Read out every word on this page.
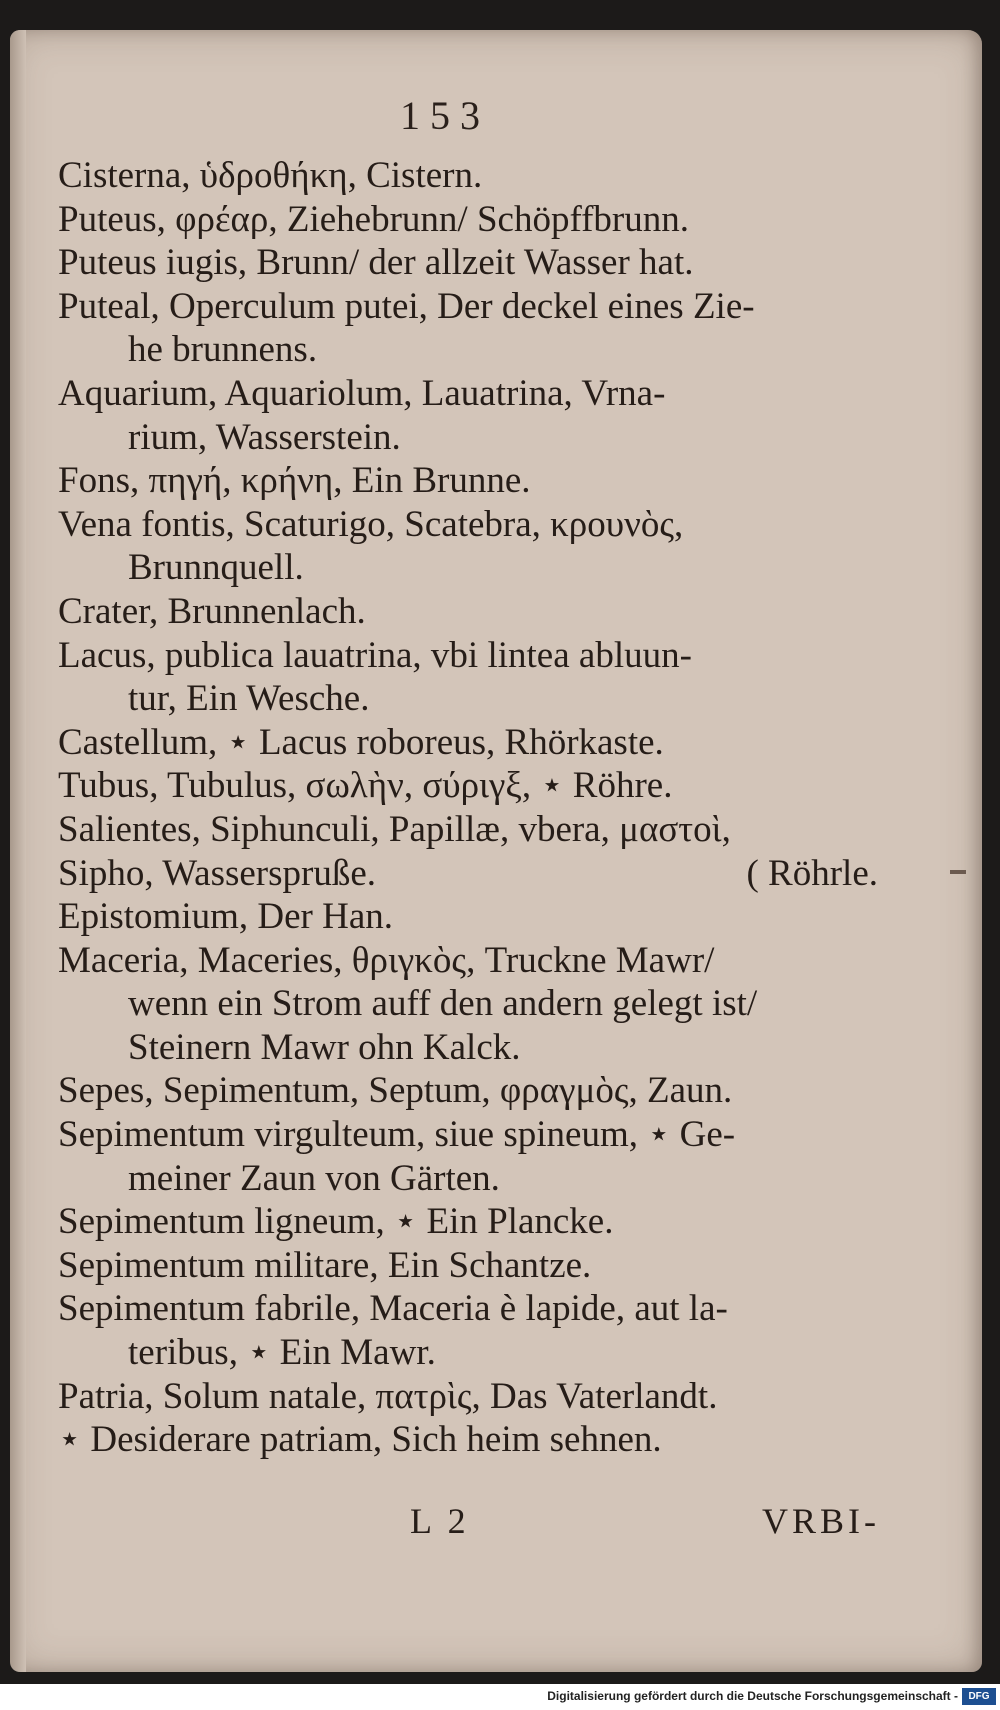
153
Cisterna, ὑδροθήκη, Cistern.
Puteus, φρέαρ, Ziehebrunn/ Schöpffbrunn.
Puteus iugis, Brunn/ der allzeit Wasser hat.
Puteal, Operculum putei, Der deckel eines Zie-
he brunnens.
Aquarium, Aquariolum, Lauatrina, Vrna-
rium, Wasserstein.
Fons, πηγή, κρήνη, Ein Brunne.
Vena fontis, Scaturigo, Scatebra, κρουνὸς,
Brunnquell.
Crater, Brunnenlach.
Lacus, publica lauatrina, vbi lintea abluun-
tur, Ein Wesche.
Castellum, ⋆ Lacus roboreus, Rhörkaste.
Tubus, Tubulus, σωλὴν, σύριγξ, ⋆ Röhre.
Salientes, Siphunculi, Papillæ, vbera, μαστοὶ,
Sipho, Wasserspruße.	( Röhrle.
Epistomium, Der Han.
Maceria, Maceries, θριγκὸς, Truckne Mawr/
wenn ein Strom auff den andern gelegt ist/
Steinern Mawr ohn Kalck.
Sepes, Sepimentum, Septum, φραγμὸς, Zaun.
Sepimentum virgulteum, siue spineum, ⋆ Ge-
meiner Zaun von Gärten.
Sepimentum ligneum, ⋆ Ein Plancke.
Sepimentum militare, Ein Schantze.
Sepimentum fabrile, Maceria è lapide, aut la-
teribus, ⋆ Ein Mawr.
Patria, Solum natale, πατρὶς, Das Vaterlandt.
⋆ Desiderare patriam, Sich heim sehnen.
L 2	VRBI-
Digitalisierung gefördert durch die Deutsche Forschungsgemeinschaft -	DFG
